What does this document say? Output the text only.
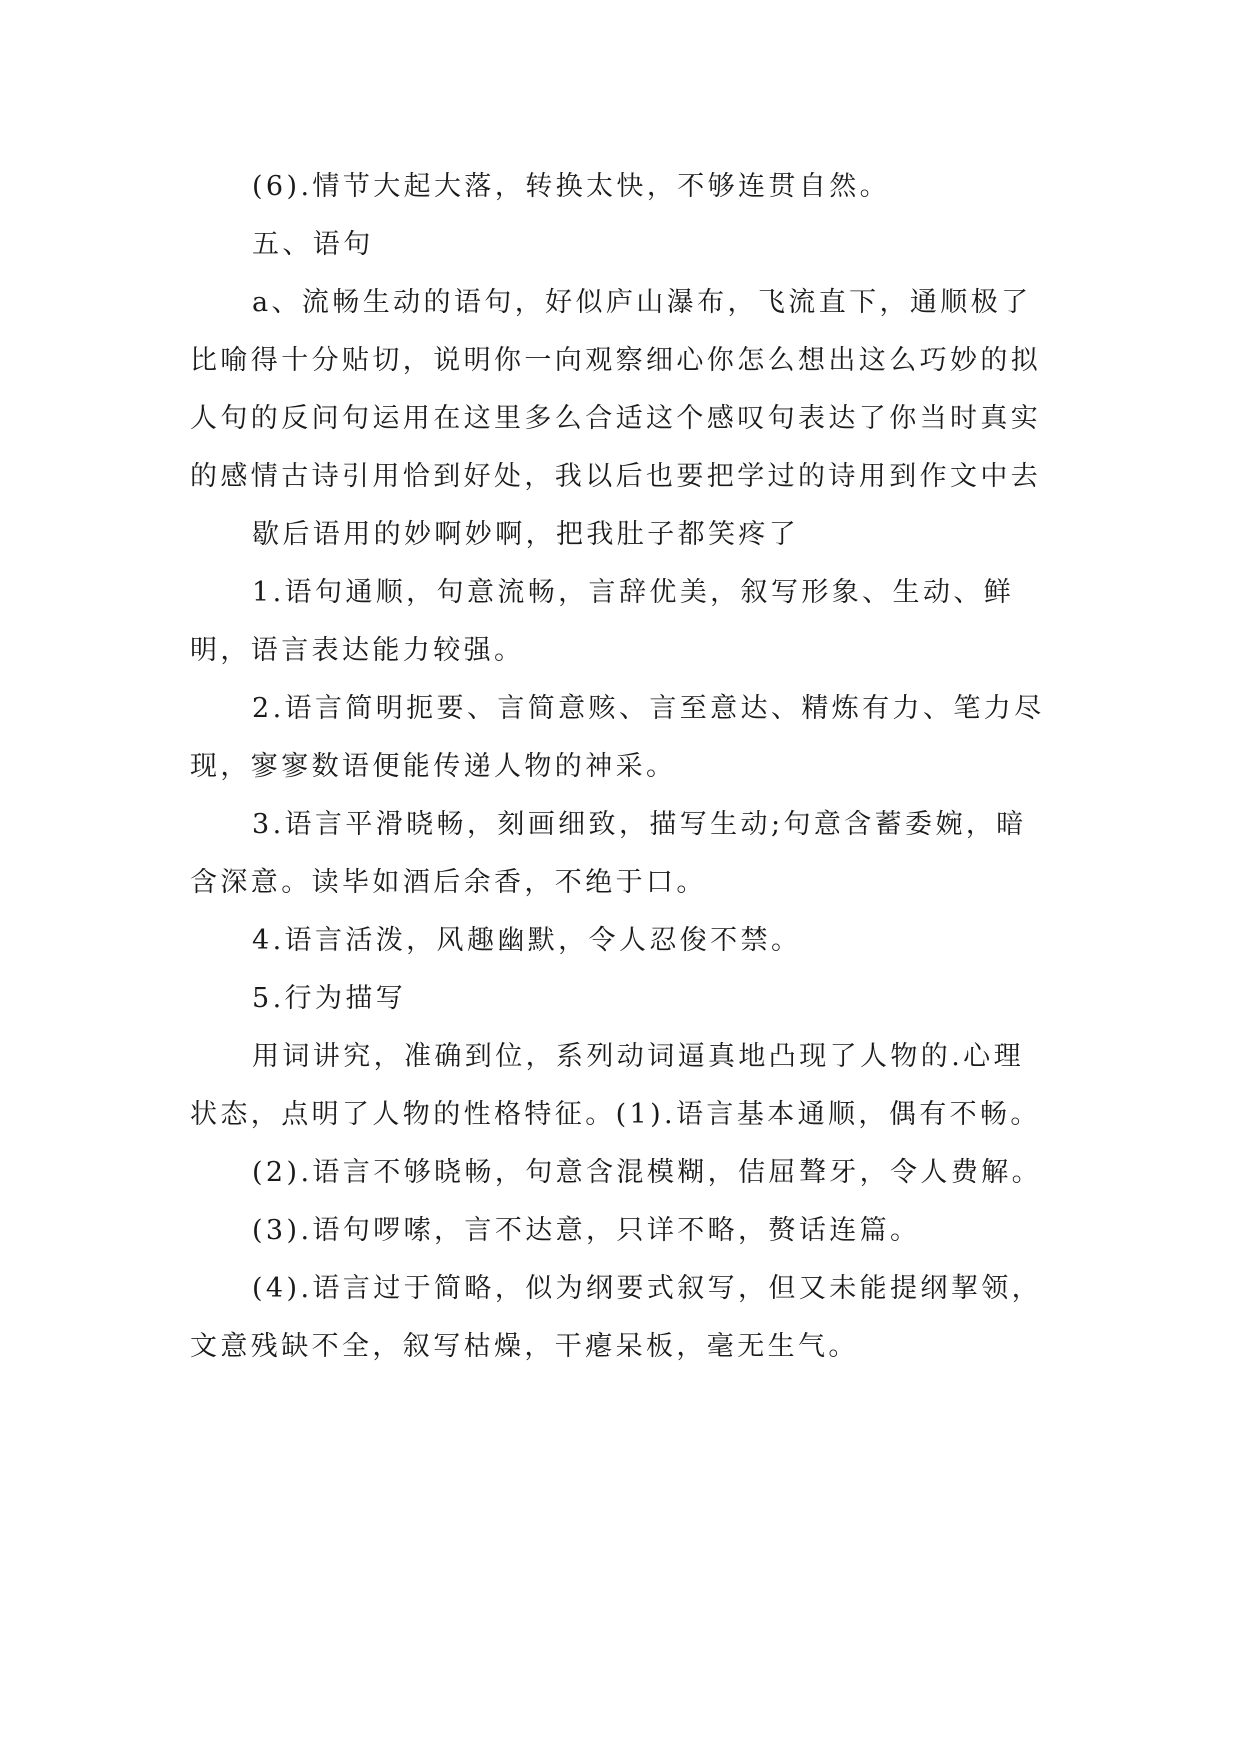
(6).情节大起大落，转换太快，不够连贯自然。

五、语句

a、流畅生动的语句，好似庐山瀑布，飞流直下，通顺极了比喻得十分贴切，说明你一向观察细心你怎么想出这么巧妙的拟人句的反问句运用在这里多么合适这个感叹句表达了你当时真实的感情古诗引用恰到好处，我以后也要把学过的诗用到作文中去

歇后语用的妙啊妙啊，把我肚子都笑疼了

1.语句通顺，句意流畅，言辞优美，叙写形象、生动、鲜明，语言表达能力较强。

2.语言简明扼要、言简意赅、言至意达、精炼有力、笔力尽现，寥寥数语便能传递人物的神采。

3.语言平滑晓畅，刻画细致，描写生动;句意含蓄委婉，暗含深意。读毕如酒后余香，不绝于口。

4.语言活泼，风趣幽默，令人忍俊不禁。

5.行为描写

用词讲究，准确到位，系列动词逼真地凸现了人物的.心理状态，点明了人物的性格特征。(1).语言基本通顺，偶有不畅。

(2).语言不够晓畅，句意含混模糊，佶屈聱牙，令人费解。

(3).语句啰嗦，言不达意，只详不略，赘话连篇。

(4).语言过于简略，似为纲要式叙写，但又未能提纲挈领，文意残缺不全，叙写枯燥，干瘪呆板，毫无生气。
